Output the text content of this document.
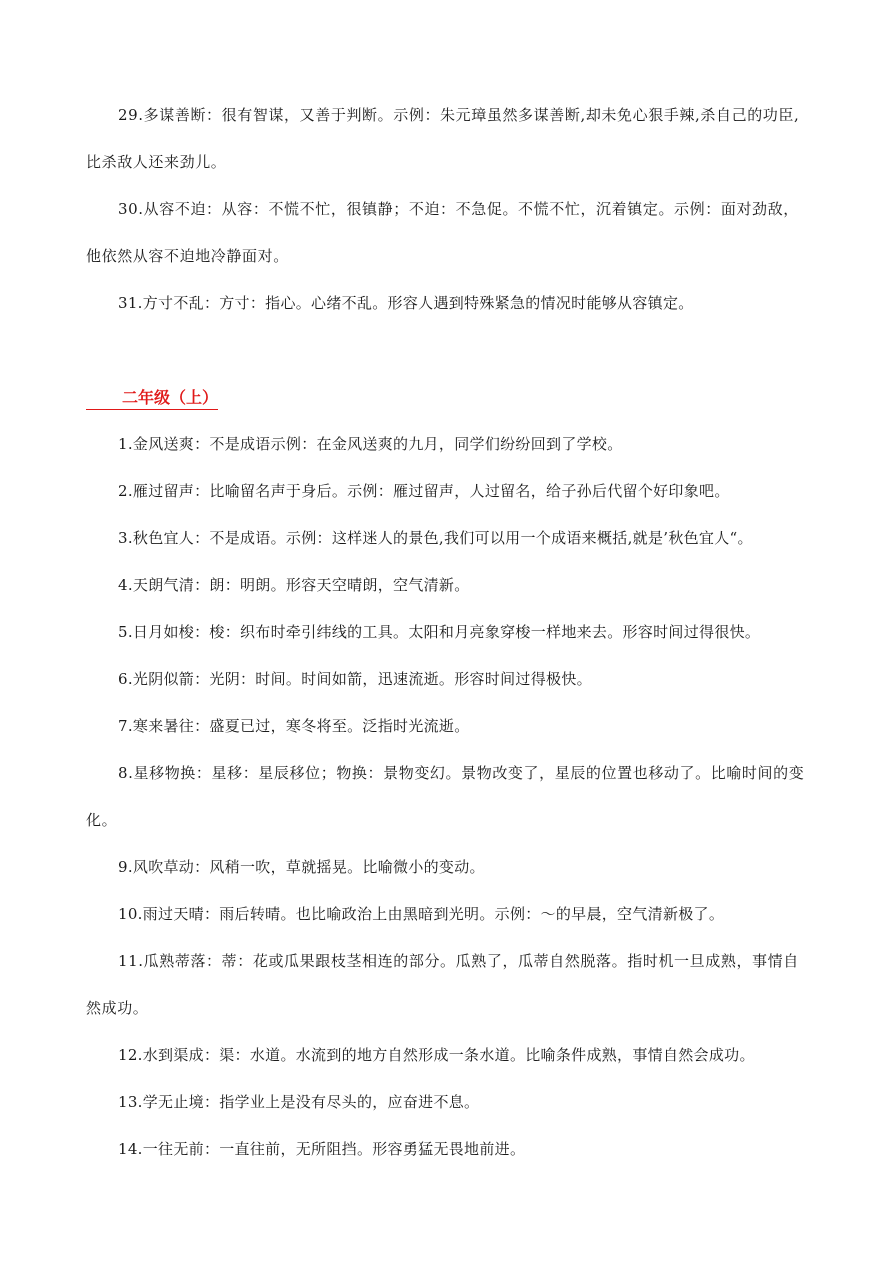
29.多谋善断：很有智谋，又善于判断。示例：朱元璋虽然多谋善断,却未免心狠手辣,杀自己的功臣,比杀敌人还来劲儿。

30.从容不迫：从容：不慌不忙，很镇静；不迫：不急促。不慌不忙，沉着镇定。示例：面对劲敌，他依然从容不迫地冷静面对。

31.方寸不乱：方寸：指心。心绪不乱。形容人遇到特殊紧急的情况时能够从容镇定。

二年级（上）

1.金风送爽：不是成语示例：在金风送爽的九月，同学们纷纷回到了学校。

2.雁过留声：比喻留名声于身后。示例：雁过留声，人过留名，给子孙后代留个好印象吧。

3.秋色宜人：不是成语。示例：这样迷人的景色,我们可以用一个成语来概括,就是’秋色宜人“。

4.天朗气清：朗：明朗。形容天空晴朗，空气清新。

5.日月如梭：梭：织布时牵引纬线的工具。太阳和月亮象穿梭一样地来去。形容时间过得很快。

6.光阴似箭：光阴：时间。时间如箭，迅速流逝。形容时间过得极快。

7.寒来暑往：盛夏已过，寒冬将至。泛指时光流逝。

8.星移物换：星移：星辰移位；物换：景物变幻。景物改变了，星辰的位置也移动了。比喻时间的变化。

9.风吹草动：风稍一吹，草就摇晃。比喻微小的变动。

10.雨过天晴：雨后转晴。也比喻政治上由黑暗到光明。示例：～的早晨，空气清新极了。

11.瓜熟蒂落：蒂：花或瓜果跟枝茎相连的部分。瓜熟了，瓜蒂自然脱落。指时机一旦成熟，事情自然成功。

12.水到渠成：渠：水道。水流到的地方自然形成一条水道。比喻条件成熟，事情自然会成功。

13.学无止境：指学业上是没有尽头的，应奋进不息。

14.一往无前：一直往前，无所阻挡。形容勇猛无畏地前进。
